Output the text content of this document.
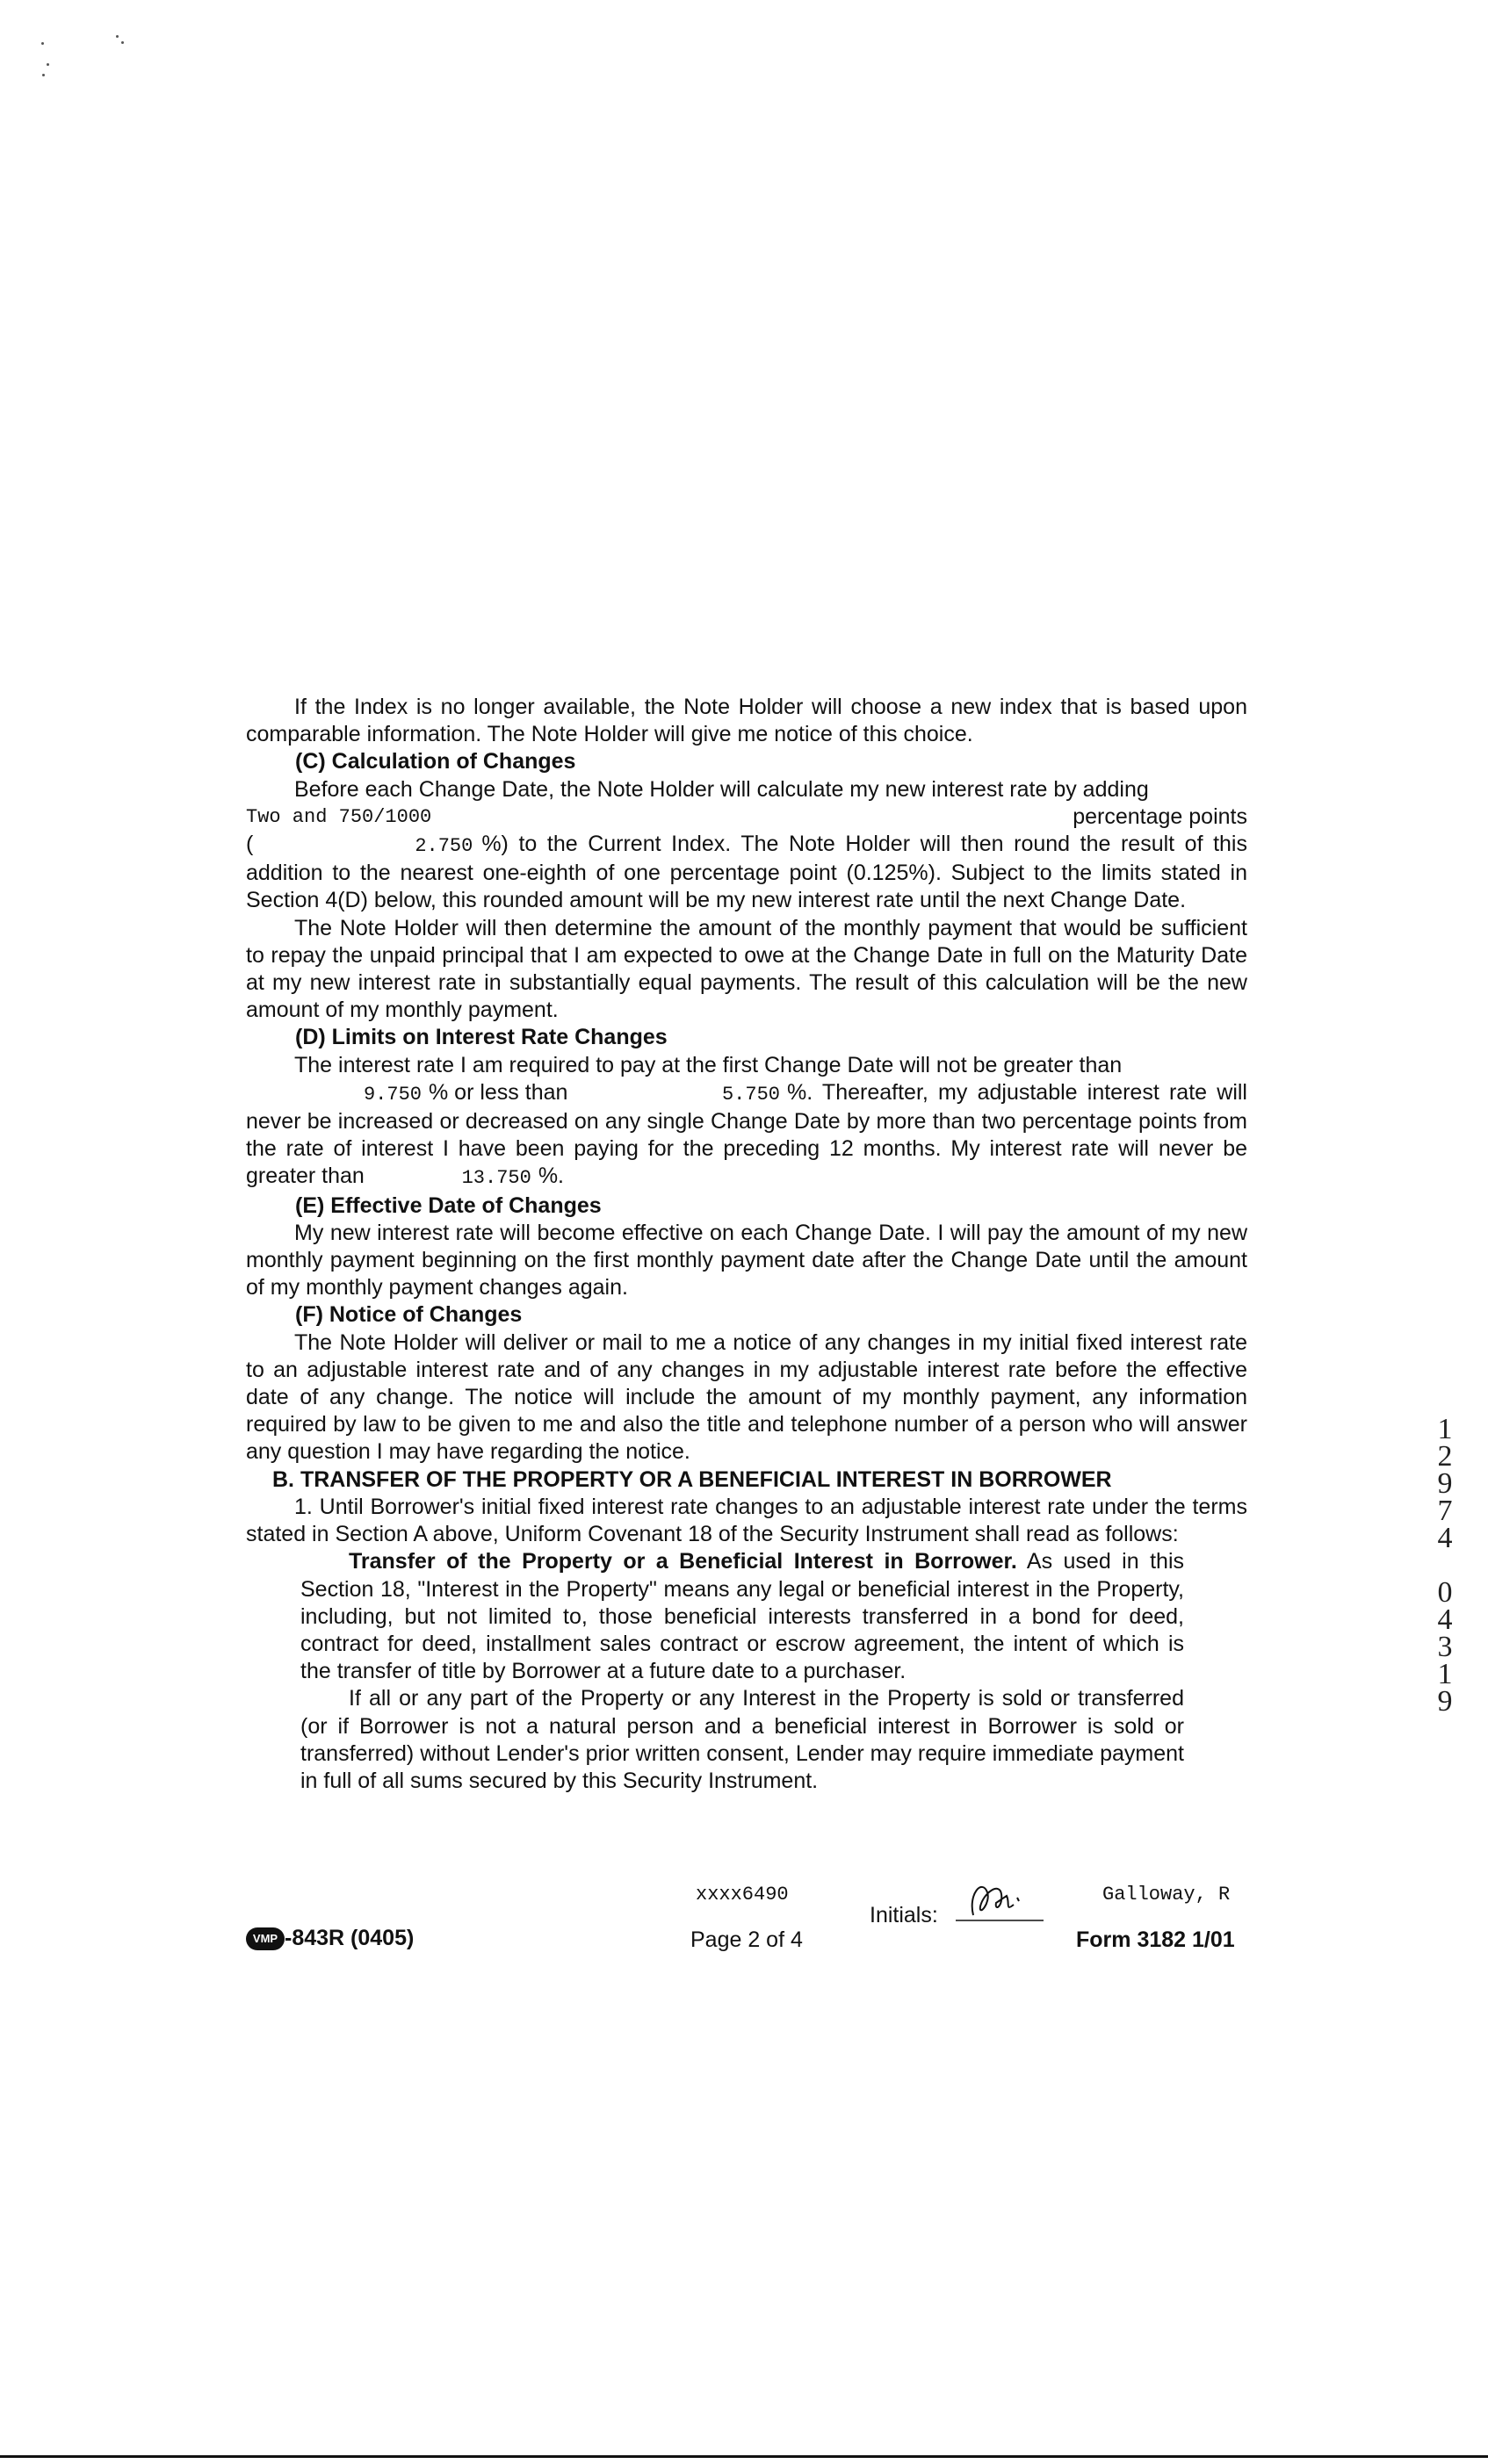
If the Index is no longer available, the Note Holder will choose a new index that is based upon comparable information. The Note Holder will give me notice of this choice.

(C) Calculation of Changes

Before each Change Date, the Note Holder will calculate my new interest rate by adding

Two and 750/1000	percentage points

(	2.750 %) to the Current Index. The Note Holder will then round the result of this addition to the nearest one-eighth of one percentage point (0.125%). Subject to the limits stated in Section 4(D) below, this rounded amount will be my new interest rate until the next Change Date.

The Note Holder will then determine the amount of the monthly payment that would be sufficient to repay the unpaid principal that I am expected to owe at the Change Date in full on the Maturity Date at my new interest rate in substantially equal payments. The result of this calculation will be the new amount of my monthly payment.

(D) Limits on Interest Rate Changes

The interest rate I am required to pay at the first Change Date will not be greater than

9.750 % or less than	5.750 %. Thereafter, my adjustable interest rate will never be increased or decreased on any single Change Date by more than two percentage points from the rate of interest I have been paying for the preceding 12 months. My interest rate will never be greater than	13.750 %.

(E) Effective Date of Changes

My new interest rate will become effective on each Change Date. I will pay the amount of my new monthly payment beginning on the first monthly payment date after the Change Date until the amount of my monthly payment changes again.

(F) Notice of Changes

The Note Holder will deliver or mail to me a notice of any changes in my initial fixed interest rate to an adjustable interest rate and of any changes in my adjustable interest rate before the effective date of any change. The notice will include the amount of my monthly payment, any information required by law to be given to me and also the title and telephone number of a person who will answer any question I may have regarding the notice.

B. TRANSFER OF THE PROPERTY OR A BENEFICIAL INTEREST IN BORROWER

1. Until Borrower's initial fixed interest rate changes to an adjustable interest rate under the terms stated in Section A above, Uniform Covenant 18 of the Security Instrument shall read as follows:

Transfer of the Property or a Beneficial Interest in Borrower. As used in this Section 18, "Interest in the Property" means any legal or beneficial interest in the Property, including, but not limited to, those beneficial interests transferred in a bond for deed, contract for deed, installment sales contract or escrow agreement, the intent of which is the transfer of title by Borrower at a future date to a purchaser.

If all or any part of the Property or any Interest in the Property is sold or transferred (or if Borrower is not a natural person and a beneficial interest in Borrower is sold or transferred) without Lender's prior written consent, Lender may require immediate payment in full of all sums secured by this Security Instrument.

xxxx6490
Initials:
Galloway, R
VMP -843R (0405)	Page 2 of 4	Form 3182 1/01
1
2
9
7
4
0
4
3
1
9
